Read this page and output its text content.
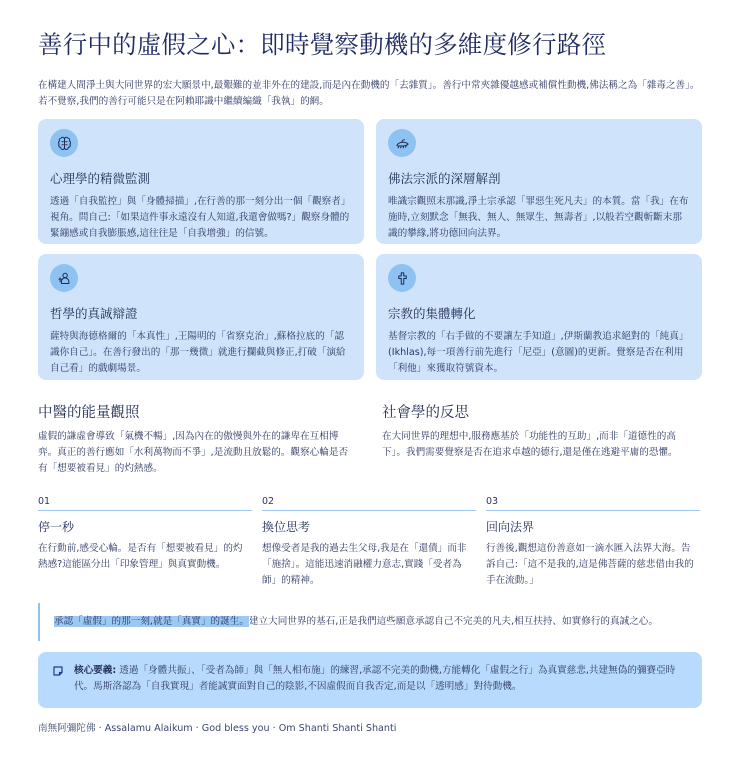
善行中的虛假之心：即時覺察動機的多維度修行路徑

在構建人間淨土與大同世界的宏大願景中,最艱難的並非外在的建設,而是內在動機的「去雜質」。善行中常夾雜優越感或補償性動機,佛法稱之為「雜毒之善」。若不覺察,我們的善行可能只是在阿賴耶識中繼續編織「我執」的網。

心理學的精微監測

透過「自我監控」與「身體掃描」,在行善的那一刻分出一個「觀察者」視角。問自己:「如果這件事永遠沒有人知道,我還會做嗎?」觀察身體的緊繃感或自我膨脹感,這往往是「自我增強」的信號。

佛法宗派的深層解剖

唯識宗觀照末那識,淨土宗承認「罪惡生死凡夫」的本質。當「我」在布施時,立刻默念「無我、無人、無眾生、無壽者」,以般若空觀斬斷末那識的攀緣,將功德回向法界。

哲學的真誠辯證

薩特與海德格爾的「本真性」,王陽明的「省察克治」,蘇格拉底的「認識你自己」。在善行發出的「那一幾微」就進行攔截與修正,打破「演給自己看」的戲劇場景。

宗教的集體轉化

基督宗教的「右手做的不要讓左手知道」,伊斯蘭教追求絕對的「純真」(Ikhlas),每一項善行前先進行「尼亞」(意圖)的更新。覺察是否在利用「利他」來獲取符號資本。

中醫的能量觀照

虛假的謙虛會導致「氣機不暢」,因為內在的傲慢與外在的謙卑在互相博弈。真正的善行應如「水利萬物而不爭」,是流動且放鬆的。觀察心輪是否有「想要被看見」的灼熱感。

社會學的反思

在大同世界的理想中,服務應基於「功能性的互助」,而非「道德性的高下」。我們需要覺察是否在追求卓越的德行,還是僅在逃避平庸的恐懼。

01
停一秒

在行動前,感受心輪。是否有「想要被看見」的灼熱感?這能區分出「印象管理」與真實動機。

02
換位思考

想像受者是我的過去生父母,我是在「還債」而非「施捨」。這能迅速消融權力意志,實踐「受者為師」的精神。

03
回向法界

行善後,觀想這份善意如一滴水匯入法界大海。告訴自己:「這不是我的,這是佛菩薩的慈悲借由我的手在流動。」

承認「虛假」的那一刻,就是「真實」的誕生。建立大同世界的基石,正是我們這些願意承認自己不完美的凡夫,相互扶持、如實修行的真誠之心。
核心要義: 透過「身體共振」、「受者為師」與「無人相布施」的練習,承認不完美的動機,方能轉化「虛假之行」為真實慈悲,共建無偽的彌賽亞時代。馬斯洛認為「自我實現」者能誠實面對自己的陰影,不因虛假而自我否定,而是以「透明感」對待動機。
南無阿彌陀佛 · Assalamu Alaikum · God bless you · Om Shanti Shanti Shanti
